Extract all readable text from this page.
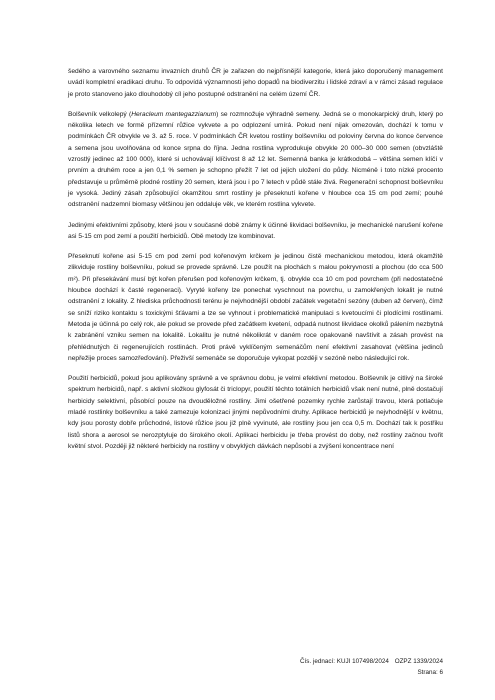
šedého a varovného seznamu invazních druhů ČR je zařazen do nejpřísnější kategorie, která jako doporučený management uvádí kompletní eradikaci druhu. To odpovídá významnosti jeho dopadů na biodiverzitu i lidské zdraví a v rámci zásad regulace je proto stanoveno jako dlouhodobý cíl jeho postupné odstranění na celém území ČR.

Bolševník velkolepý (Heracleum mantegazzianum) se rozmnožuje výhradně semeny. Jedná se o monokarpický druh, který po několika letech ve formě přízemní růžice vykvete a po odplození umírá. Pokud není nijak omezován, dochází k tomu v podmínkách ČR obvykle ve 3. až 5. roce. V podmínkách ČR kvetou rostliny bolševníku od poloviny června do konce července a semena jsou uvolňována od konce srpna do října. Jedna rostlina vyprodukuje obvykle 20 000–30 000 semen (obvzláště vzrostlý jedinec až 100 000), které si uchovávají klíčivost 8 až 12 let. Semenná banka je krátkodobá – většina semen klíčí v prvním a druhém roce a jen 0,1 % semen je schopno přežít 7 let od jejich uložení do půdy. Nicméně i toto nízké procento představuje u průměrně plodné rostliny 20 semen, která jsou i po 7 letech v půdě stále živá. Regenerační schopnost bolševníku je vysoká. Jediný zásah způsobující okamžitou smrt rostliny je přeseknutí kořene v hloubce cca 15 cm pod zemí; pouhé odstranění nadzemní biomasy většinou jen oddaluje věk, ve kterém rostlina vykvete.

Jedinými efektivními způsoby, které jsou v současné době známy k účinné likvidaci bolševníku, je mechanické narušení kořene asi 5-15 cm pod zemí a použití herbicidů. Obě metody lze kombinovat.

Přeseknutí kořene asi 5-15 cm pod zemí pod kořenovým krčkem je jedinou čistě mechanickou metodou, která okamžitě zlikviduje rostliny bolševníku, pokud se provede správně. Lze použít na plochách s malou pokryvností a plochou (do cca 500 m²). Při přesekávání musí být kořen přerušen pod kořenovým krčkem, tj. obvykle cca 10 cm pod povrchem (při nedostatečné hloubce dochází k časté regeneraci). Vyryté kořeny lze ponechat vyschnout na povrchu, u zamokřených lokalit je nutné odstranění z lokality. Z hlediska průchodnosti terénu je nejvhodnější období začátek vegetační sezóny (duben až červen), čímž se sníží riziko kontaktu s toxickými šťávami a lze se vyhnout i problematické manipulaci s kvetoucími či plodícími rostlinami. Metoda je účinná po celý rok, ale pokud se provede před začátkem kvetení, odpadá nutnost likvidace okolků pálením nezbytná k zabránění vzniku semen na lokalitě. Lokalitu je nutné několikrát v daném roce opakovaně navštívit a zásah provést na přehlédnutých či regenerujících rostlinách. Proti právě vyklíčeným semenáčům není efektivní zasahovat (většina jedinců nepřežije proces samozřeďování). Přeživší semenáče se doporučuje vykopat později v sezóně nebo následující rok.

Použití herbicidů, pokud jsou aplikovány správně a ve správnou dobu, je velmi efektivní metodou. Bolševník je citlivý na široké spektrum herbicidů, např. s aktivní složkou glyfosát či triclopyr, použití těchto totálních herbicidů však není nutné, plně dostačují herbicidy selektivní, působící pouze na dvouděložné rostliny. Jimi ošetřené pozemky rychle zarůstají travou, která potlačuje mladé rostlinky bolševníku a také zamezuje kolonizaci jinými nepůvodními druhy. Aplikace herbicidů je nejvhodnější v květnu, kdy jsou porosty dobře průchodné, listové růžice jsou již plně vyvinuté, ale rostliny jsou jen cca 0,5 m. Dochází tak k postřiku listů shora a aerosol se nerozptyluje do širokého okolí. Aplikaci herbicidu je třeba provést do doby, než rostliny začnou tvořit květní stvol. Později již některé herbicidy na rostliny v obvyklých dávkách nepůsobí a zvýšení koncentrace není

Čís. jednací: KUJI 107498/2024 OZPZ 1339/2024
Strana: 6
